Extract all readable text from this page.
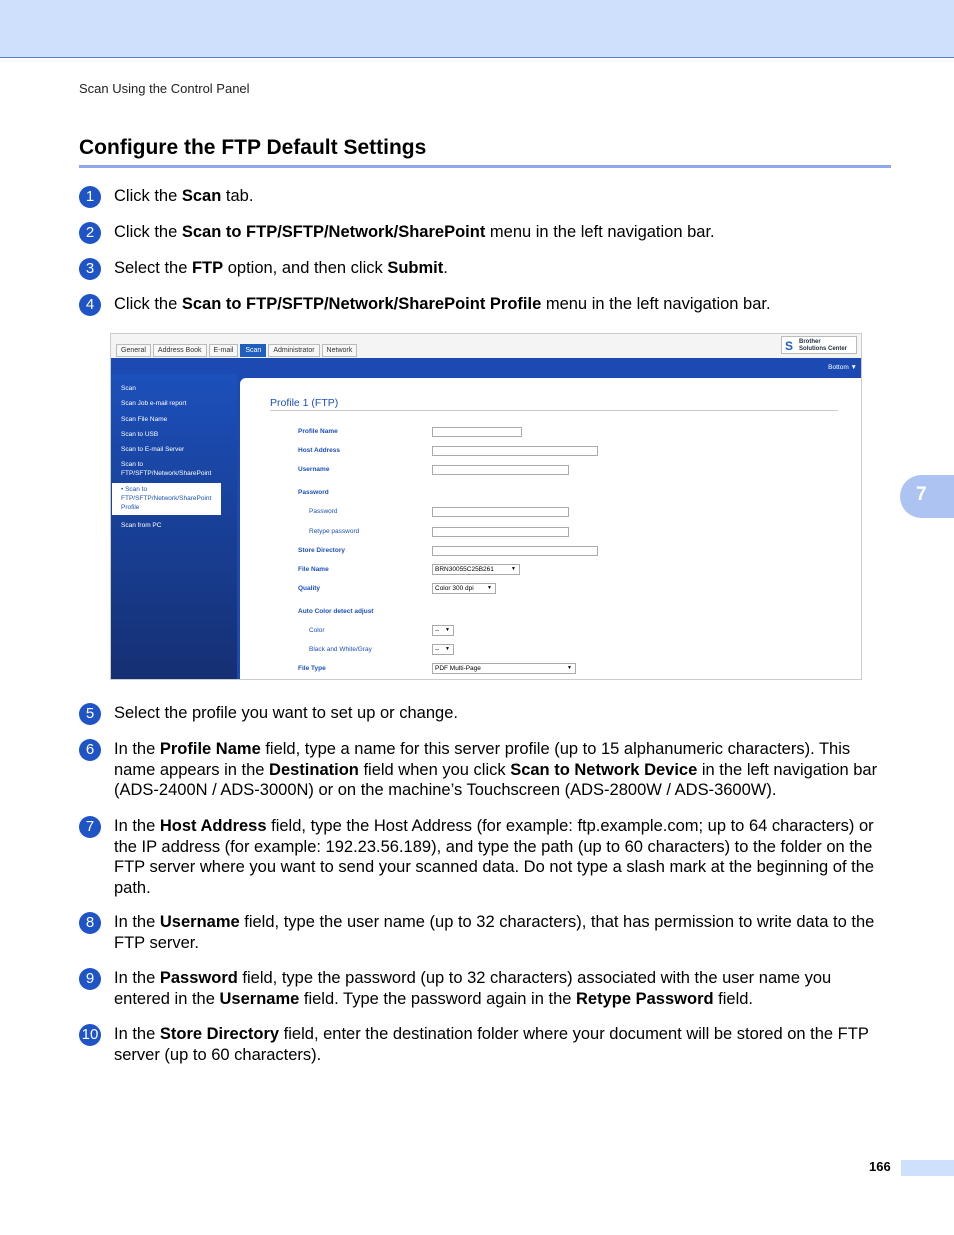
Scan Using the Control Panel
Configure the FTP Default Settings
1	Click the Scan tab.
2	Click the Scan to FTP/SFTP/Network/SharePoint menu in the left navigation bar.
3	Select the FTP option, and then click Submit.
4	Click the Scan to FTP/SFTP/Network/SharePoint Profile menu in the left navigation bar.
General	Address Book	E-mail	Scan	Administrator	Network	S Brother
Solutions Center
Bottom ▼
Scan
Scan Job e-mail report
Scan File Name
Scan to USB
Scan to E-mail Server
Scan to FTP/SFTP/Network/SharePoint
• Scan to FTP/SFTP/Network/SharePoint Profile
Scan from PC
Profile 1 (FTP)
Profile Name
Host Address
Username
Password
Password
Retype password
Store Directory
File Name	BRN30055C25B261	▼
Quality	Color 300 dpi	▼
Auto Color detect adjust
Color	-- ▼
Black and White/Gray	-- ▼
File Type	PDF Multi-Page	▼
5	Select the profile you want to set up or change.
6	In the Profile Name field, type a name for this server profile (up to 15 alphanumeric characters). This name appears in the Destination field when you click Scan to Network Device in the left navigation bar (ADS-2400N / ADS-3000N) or on the machine’s Touchscreen (ADS-2800W / ADS-3600W).
7	In the Host Address field, type the Host Address (for example: ftp.example.com; up to 64 characters) or the IP address (for example: 192.23.56.189), and type the path (up to 60 characters) to the folder on the FTP server where you want to send your scanned data. Do not type a slash mark at the beginning of the path.
8	In the Username field, type the user name (up to 32 characters), that has permission to write data to the FTP server.
9	In the Password field, type the password (up to 32 characters) associated with the user name you entered in the Username field. Type the password again in the Retype Password field.
10 In the Store Directory field, enter the destination folder where your document will be stored on the FTP server (up to 60 characters).
7
166
